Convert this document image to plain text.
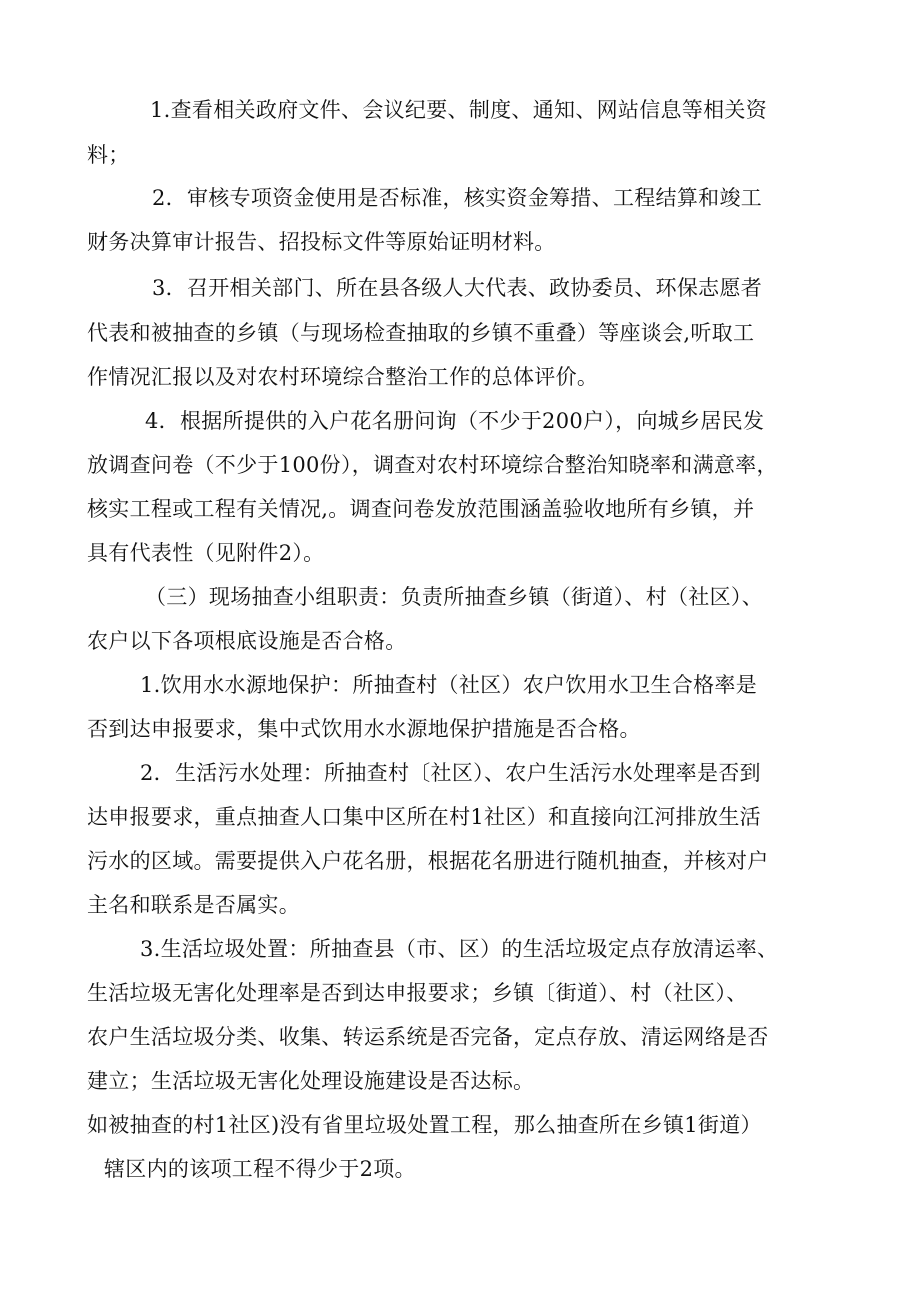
1.查看相关政府文件、会议纪要、制度、通知、网站信息等相关资
料；
2．审核专项资金使用是否标准，核实资金筹措、工程结算和竣工
财务决算审计报告、招投标文件等原始证明材料。
3．召开相关部门、所在县各级人大代表、政协委员、环保志愿者
代表和被抽查的乡镇（与现场检查抽取的乡镇不重叠）等座谈会,听取工
作情况汇报以及对农村环境综合整治工作的总体评价。
4．根据所提供的入户花名册问询（不少于200户），向城乡居民发
放调查问卷（不少于100份），调查对农村环境综合整治知晓率和满意率，
核实工程或工程有关情况,。调查问卷发放范围涵盖验收地所有乡镇，并
具有代表性（见附件2）。
（三）现场抽查小组职责：负责所抽查乡镇（街道）、村（社区）、
农户以下各项根底设施是否合格。
1.饮用水水源地保护：所抽查村（社区）农户饮用水卫生合格率是
否到达申报要求，集中式饮用水水源地保护措施是否合格。
2．生活污水处理：所抽查村〔社区）、农户生活污水处理率是否到
达申报要求，重点抽查人口集中区所在村1社区）和直接向江河排放生活
污水的区域。需要提供入户花名册，根据花名册进行随机抽查，并核对户
主名和联系是否属实。
3.生活垃圾处置：所抽查县（市、区）的生活垃圾定点存放清运率、
生活垃圾无害化处理率是否到达申报要求；乡镇〔街道）、村（社区）、
农户生活垃圾分类、收集、转运系统是否完备，定点存放、清运网络是否
建立；生活垃圾无害化处理设施建设是否达标。
如被抽查的村1社区)没有省里垃圾处置工程，那么抽查所在乡镇1街道）
辖区内的该项工程不得少于2项。
